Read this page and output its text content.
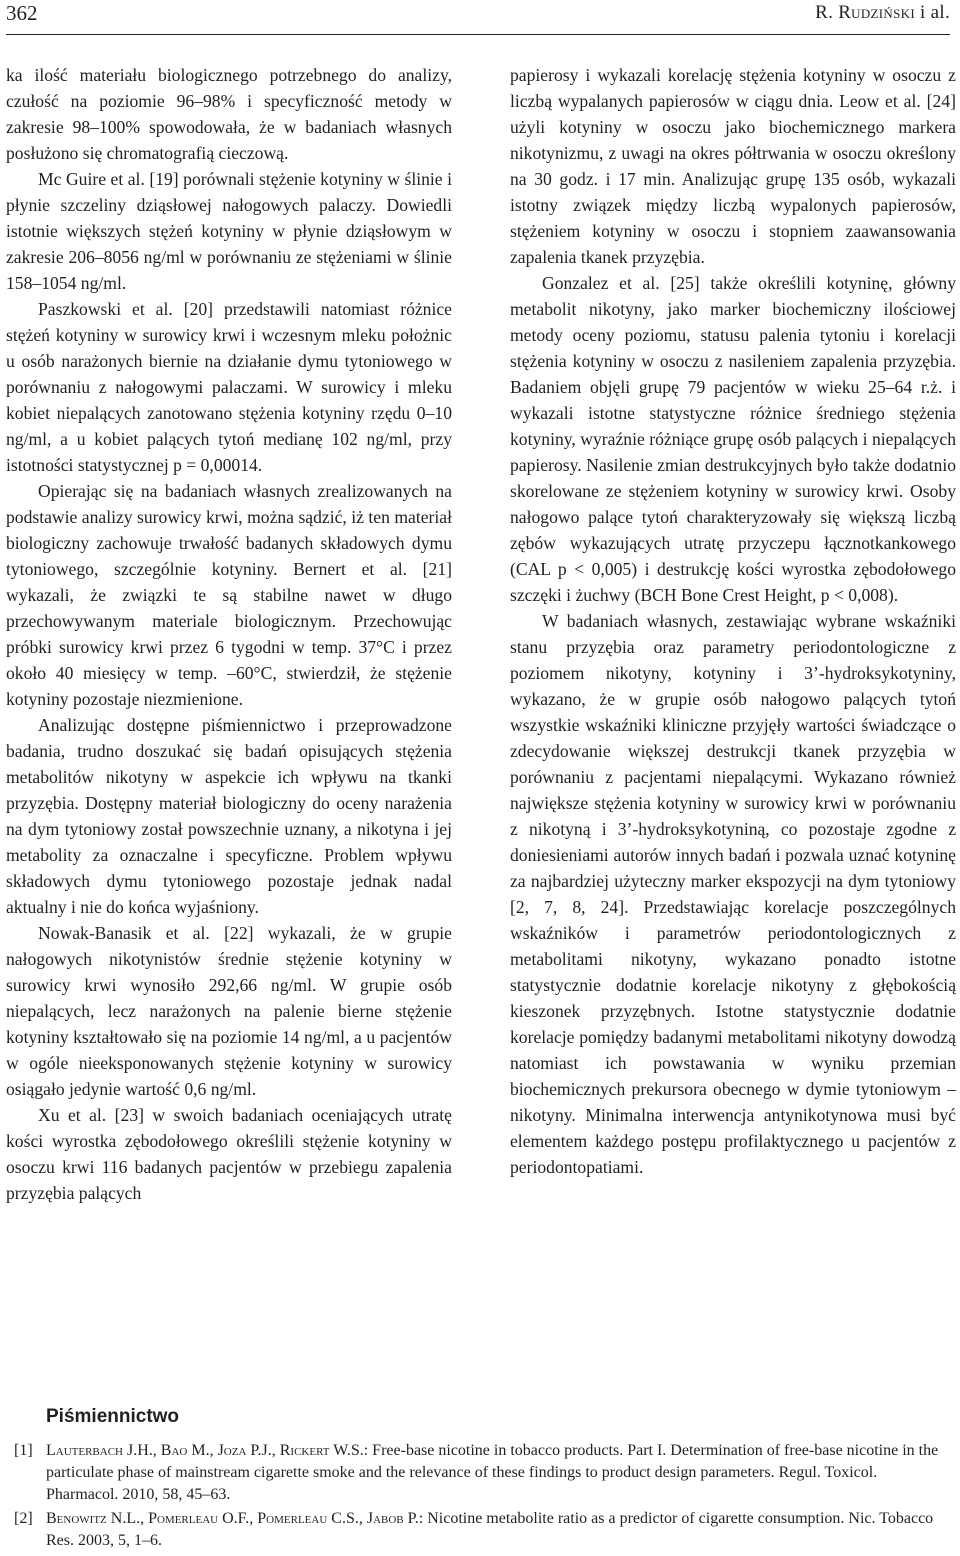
362	R. Rudziński i al.

ka ilość materiału biologicznego potrzebnego do analizy, czułość na poziomie 96–98% i specyficzność metody w zakresie 98–100% spowodowała, że w badaniach własnych posłużono się chromatografią cieczową.

Mc Guire et al. [19] porównali stężenie kotyniny w ślinie i płynie szczeliny dziąsłowej nałogowych palaczy. Dowiedli istotnie większych stężeń kotyniny w płynie dziąsłowym w zakresie 206–8056 ng/ml w porównaniu ze stężeniami w ślinie 158–1054 ng/ml.

Paszkowski et al. [20] przedstawili natomiast różnice stężeń kotyniny w surowicy krwi i wczesnym mleku położnic u osób narażonych biernie na działanie dymu tytoniowego w porównaniu z nałogowymi palaczami. W surowicy i mleku kobiet niepalących zanotowano stężenia kotyniny rzędu 0–10 ng/ml, a u kobiet palących tytoń medianę 102 ng/ml, przy istotności statystycznej p = 0,00014.

Opierając się na badaniach własnych zrealizowanych na podstawie analizy surowicy krwi, można sądzić, iż ten materiał biologiczny zachowuje trwałość badanych składowych dymu tytoniowego, szczególnie kotyniny. Bernert et al. [21] wykazali, że związki te są stabilne nawet w długo przechowywanym materiale biologicznym. Przechowując próbki surowicy krwi przez 6 tygodni w temp. 37°C i przez około 40 miesięcy w temp. –60°C, stwierdził, że stężenie kotyniny pozostaje niezmienione.

Analizując dostępne piśmiennictwo i przeprowadzone badania, trudno doszukać się badań opisujących stężenia metabolitów nikotyny w aspekcie ich wpływu na tkanki przyzębia. Dostępny materiał biologiczny do oceny narażenia na dym tytoniowy został powszechnie uznany, a nikotyna i jej metabolity za oznaczalne i specyficzne. Problem wpływu składowych dymu tytoniowego pozostaje jednak nadal aktualny i nie do końca wyjaśniony.

Nowak-Banasik et al. [22] wykazali, że w grupie nałogowych nikotynistów średnie stężenie kotyniny w surowicy krwi wynosiło 292,66 ng/ml. W grupie osób niepalących, lecz narażonych na palenie bierne stężenie kotyniny kształtowało się na poziomie 14 ng/ml, a u pacjentów w ogóle nieeksponowanych stężenie kotyniny w surowicy osiągało jedynie wartość 0,6 ng/ml.

Xu et al. [23] w swoich badaniach oceniających utratę kości wyrostka zębodołowego określili stężenie kotyniny w osoczu krwi 116 badanych pacjentów w przebiegu zapalenia przyzębia palących

papierosy i wykazali korelację stężenia kotyniny w osoczu z liczbą wypalanych papierosów w ciągu dnia. Leow et al. [24] użyli kotyniny w osoczu jako biochemicznego markera nikotynizmu, z uwagi na okres półtrwania w osoczu określony na 30 godz. i 17 min. Analizując grupę 135 osób, wykazali istotny związek między liczbą wypalonych papierosów, stężeniem kotyniny w osoczu i stopniem zaawansowania zapalenia tkanek przyzębia.

Gonzalez et al. [25] także określili kotyninę, główny metabolit nikotyny, jako marker biochemiczny ilościowej metody oceny poziomu, statusu palenia tytoniu i korelacji stężenia kotyniny w osoczu z nasileniem zapalenia przyzębia. Badaniem objęli grupę 79 pacjentów w wieku 25–64 r.ż. i wykazali istotne statystyczne różnice średniego stężenia kotyniny, wyraźnie różniące grupę osób palących i niepalących papierosy. Nasilenie zmian destrukcyjnych było także dodatnio skorelowane ze stężeniem kotyniny w surowicy krwi. Osoby nałogowo palące tytoń charakteryzowały się większą liczbą zębów wykazujących utratę przyczepu łącznotkankowego (CAL p < 0,005) i destrukcję kości wyrostka zębodołowego szczęki i żuchwy (BCH Bone Crest Height, p < 0,008).

W badaniach własnych, zestawiając wybrane wskaźniki stanu przyzębia oraz parametry periodontologiczne z poziomem nikotyny, kotyniny i 3’-hydroksykotyniny, wykazano, że w grupie osób nałogowo palących tytoń wszystkie wskaźniki kliniczne przyjęły wartości świadczące o zdecydowanie większej destrukcji tkanek przyzębia w porównaniu z pacjentami niepalącymi. Wykazano również największe stężenia kotyniny w surowicy krwi w porównaniu z nikotyną i 3’-hydroksykotyniną, co pozostaje zgodne z doniesieniami autorów innych badań i pozwala uznać kotyninę za najbardziej użyteczny marker ekspozycji na dym tytoniowy [2, 7, 8, 24]. Przedstawiając korelacje poszczególnych wskaźników i parametrów periodontologicznych z metabolitami nikotyny, wykazano ponadto istotne statystycznie dodatnie korelacje nikotyny z głębokością kieszonek przyzębnych. Istotne statystycznie dodatnie korelacje pomiędzy badanymi metabolitami nikotyny dowodzą natomiast ich powstawania w wyniku przemian biochemicznych prekursora obecnego w dymie tytoniowym – nikotyny. Minimalna interwencja antynikotynowa musi być elementem każdego postępu profilaktycznego u pacjentów z periodontopatiami.

Piśmiennictwo
[1] Lauterbach J.H., Bao M., Joza P.J., Rickert W.S.: Free-base nicotine in tobacco products. Part I. Determination of free-base nicotine in the particulate phase of mainstream cigarette smoke and the relevance of these findings to product design parameters. Regul. Toxicol. Pharmacol. 2010, 58, 45–63.
[2] Benowitz N.L., Pomerleau O.F., Pomerleau C.S., Jabob P.: Nicotine metabolite ratio as a predictor of cigarette consumption. Nic. Tobacco Res. 2003, 5, 1–6.
